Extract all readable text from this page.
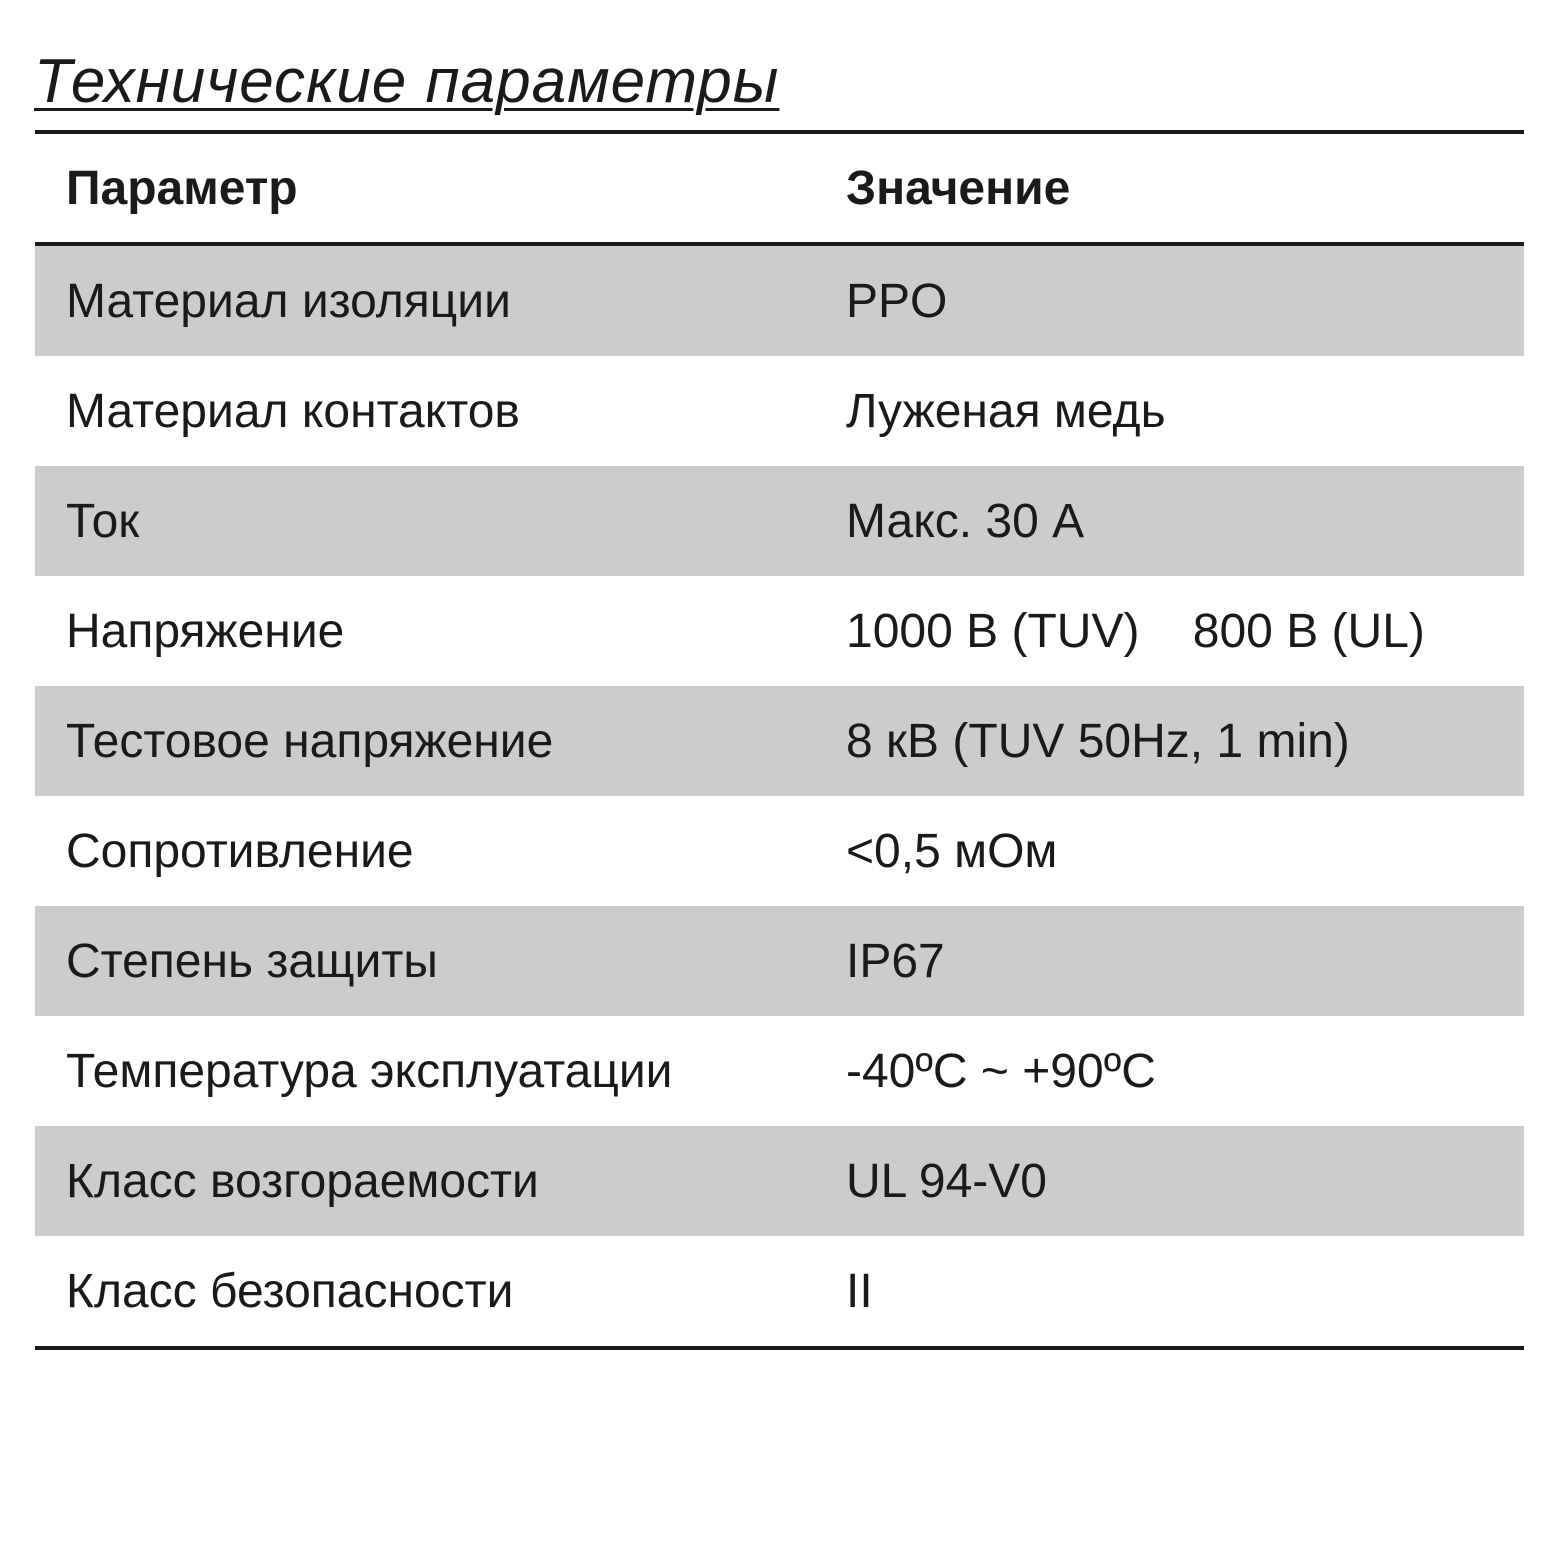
Технические параметры
Параметр	Значение
Материал изоляции	PPO
Материал контактов	Луженая медь
Ток	Макс. 30 А
Напряжение	1000 В (TUV)    800 В (UL)
Тестовое напряжение	8 кВ (TUV 50Hz, 1 min)
Сопротивление	<0,5 мОм
Степень защиты	IP67
Температура эксплуатации	-40ºC ~ +90ºC
Класс возгораемости	UL 94-V0
Класс безопасности	II
